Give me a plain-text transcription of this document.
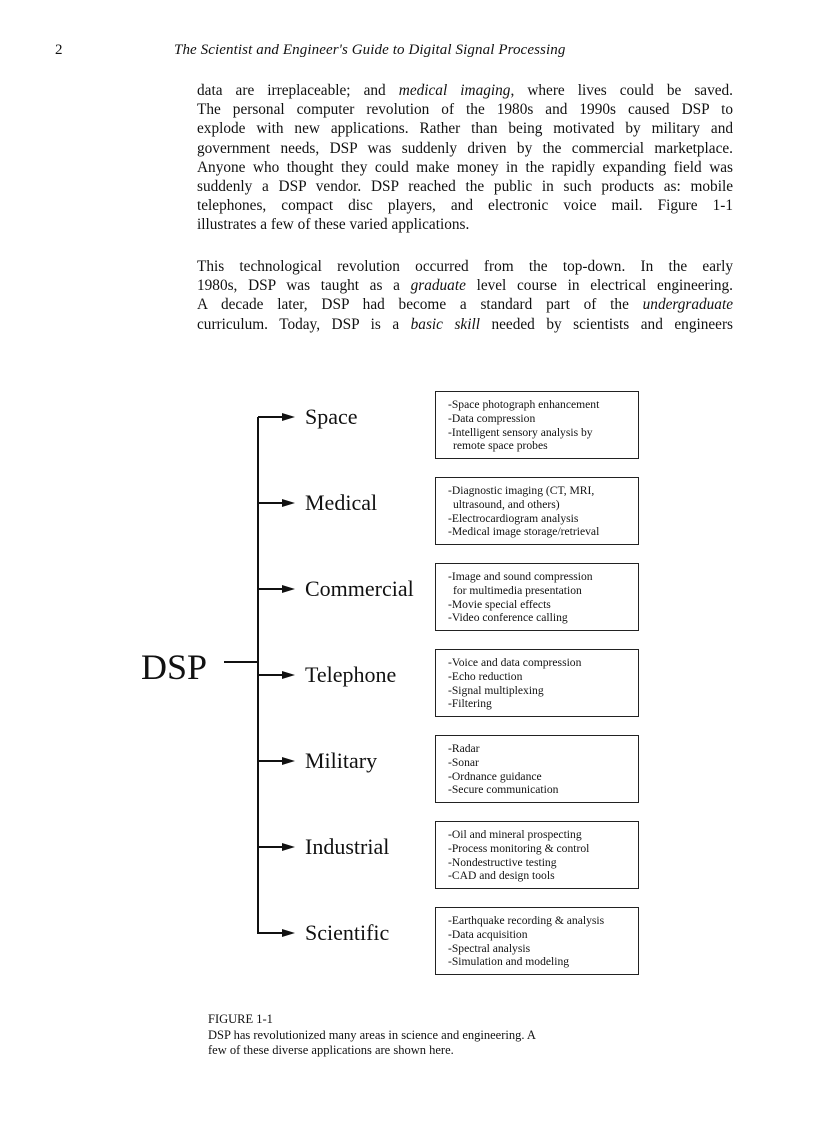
2	The Scientist and Engineer's Guide to Digital Signal Processing
data are irreplaceable; and medical imaging, where lives could be saved.
The personal computer revolution of the 1980s and 1990s caused DSP to
explode with new applications. Rather than being motivated by military and
government needs, DSP was suddenly driven by the commercial marketplace.
Anyone who thought they could make money in the rapidly expanding field was
suddenly a DSP vendor. DSP reached the public in such products as: mobile
telephones, compact disc players, and electronic voice mail. Figure 1-1
illustrates a few of these varied applications.
This technological revolution occurred from the top-down. In the early
1980s, DSP was taught as a graduate level course in electrical engineering.
A decade later, DSP had become a standard part of the undergraduate
curriculum. Today, DSP is a basic skill needed by scientists and engineers
DSP
Space	-Space photograph enhancement
-Data compression
-Intelligent sensory analysis by
remote space probes
Medical	-Diagnostic imaging (CT, MRI,
ultrasound, and others)
-Electrocardiogram analysis
-Medical image storage/retrieval
Commercial	-Image and sound compression
for multimedia presentation
-Movie special effects
-Video conference calling
Telephone	-Voice and data compression
-Echo reduction
-Signal multiplexing
-Filtering
Military	-Radar
-Sonar
-Ordnance guidance
-Secure communication
Industrial	-Oil and mineral prospecting
-Process monitoring & control
-Nondestructive testing
-CAD and design tools
Scientific	-Earthquake recording & analysis
-Data acquisition
-Spectral analysis
-Simulation and modeling
FIGURE 1-1
DSP has revolutionized many areas in science and engineering. A
few of these diverse applications are shown here.
